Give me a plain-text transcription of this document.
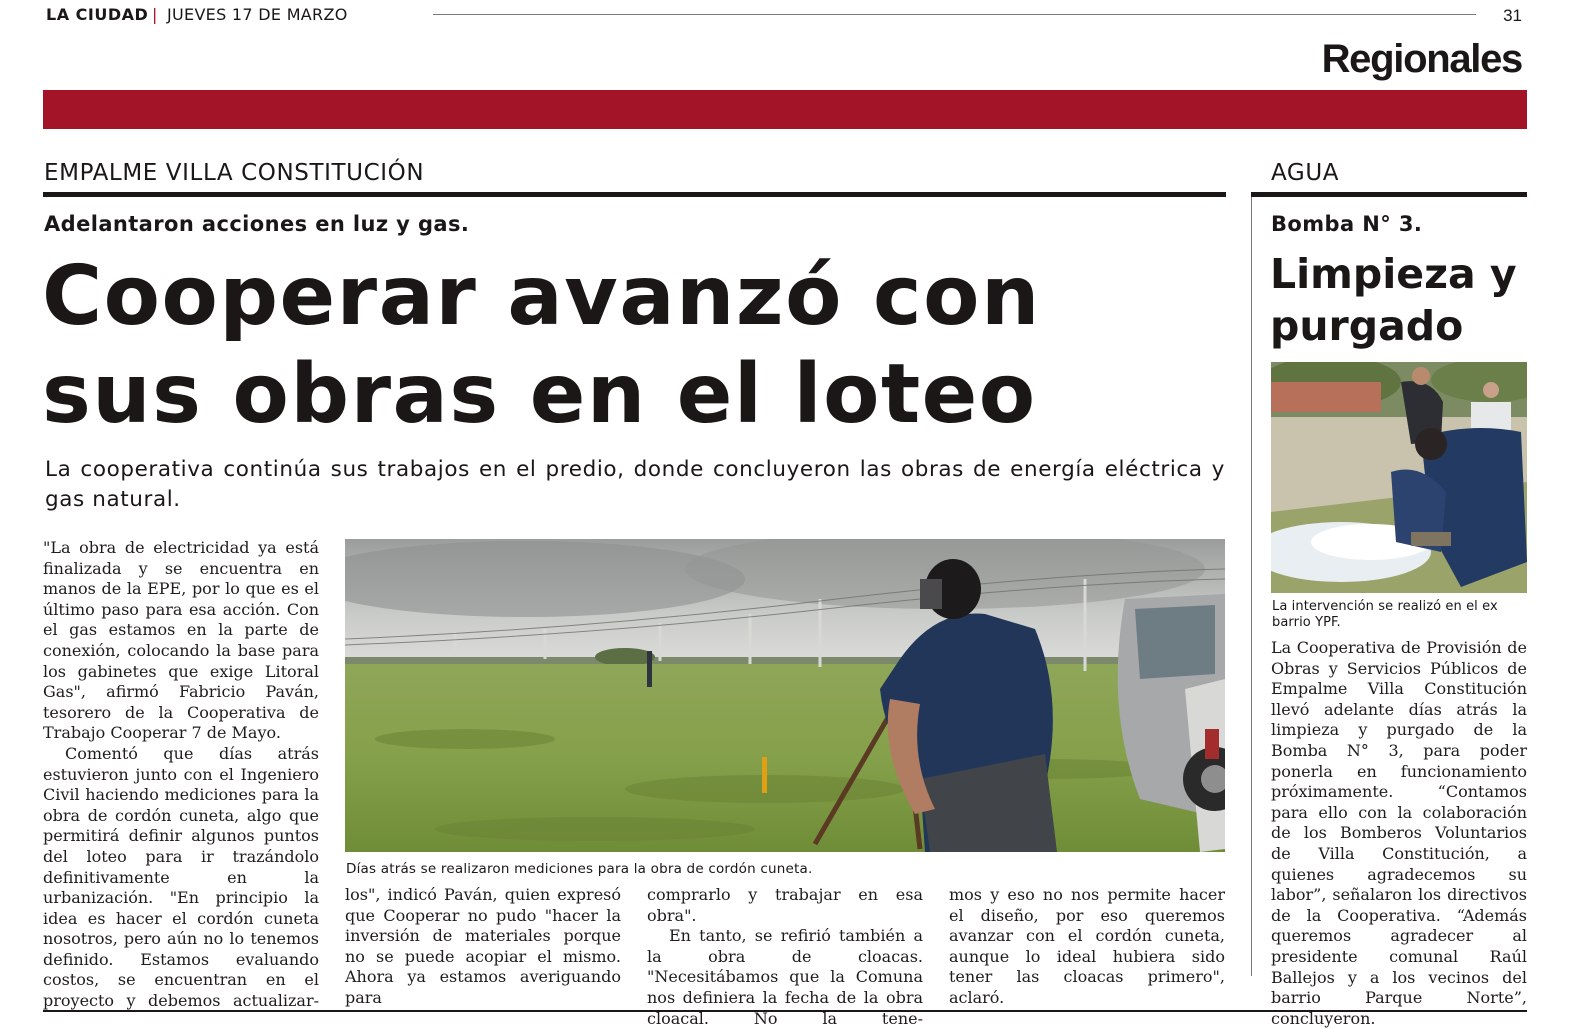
LA CIUDAD | JUEVES 17 DE MARZO	31
Regionales
EMPALME VILLA CONSTITUCIÓN
Adelantaron acciones en luz y gas.
Cooperar avanzó con sus obras en el loteo

La cooperativa continúa sus trabajos en el predio, donde concluyeron las obras de energía eléctrica y gas natural.

"La obra de electricidad ya está finalizada y se encuentra en manos de la EPE, por lo que es el último paso para esa acción. Con el gas estamos en la parte de conexión, colocando la base para los gabinetes que exige Litoral Gas", afirmó Fabricio Paván, tesorero de la Cooperativa de Trabajo Cooperar 7 de Mayo.

Comentó que días atrás estuvieron junto con el Ingeniero Civil haciendo mediciones para la obra de cordón cuneta, algo que permitirá definir algunos puntos del loteo para ir trazándolo definitivamente en la urbanización. "En principio la idea es hacer el cordón cuneta nosotros, pero aún no lo tenemos definido. Estamos evaluando costos, se encuentran en el proyecto y debemos actualizar-

Días atrás se realizaron mediciones para la obra de cordón cuneta.

los", indicó Paván, quien expresó que Cooperar no pudo "hacer la inversión de materiales porque no se puede acopiar el mismo. Ahora ya estamos averiguando para

comprarlo y trabajar en esa obra".

En tanto, se refirió también a la obra de cloacas. "Necesitábamos que la Comuna nos definiera la fecha de la obra cloacal. No la tene-

mos y eso no nos permite hacer el diseño, por eso queremos avanzar con el cordón cuneta, aunque lo ideal hubiera sido tener las cloacas primero", aclaró.

AGUA
Bomba N° 3.
Limpieza y purgado

La intervención se realizó en el ex barrio YPF.

La Cooperativa de Provisión de Obras y Servicios Públicos de Empalme Villa Constitución llevó adelante días atrás la limpieza y purgado de la Bomba N° 3, para poder ponerla en funcionamiento próximamente. “Contamos para ello con la colaboración de los Bomberos Voluntarios de Villa Constitución, a quienes agradecemos su labor”, señalaron los directivos de la Cooperativa. “Además queremos agradecer al presidente comunal Raúl Ballejos y a los vecinos del barrio Parque Norte”, concluyeron.
